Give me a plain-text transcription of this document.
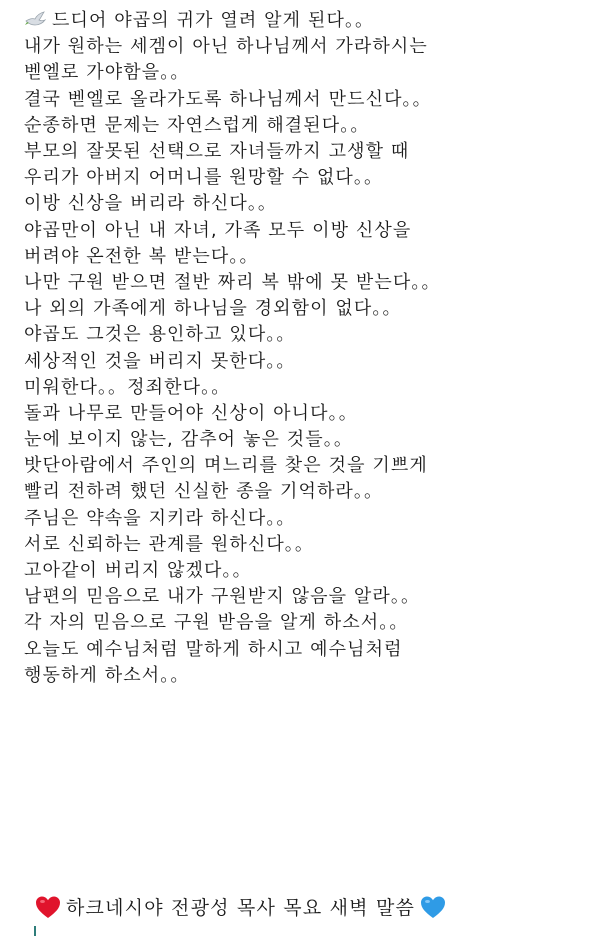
드디어 야곱의 귀가 열려 알게 된다。。
내가 원하는 세겜이 아닌 하나님께서 가라하시는
벧엘로 가야함을。。
결국 벧엘로 올라가도록 하나님께서 만드신다。。
순종하면 문제는 자연스럽게 해결된다。。
부모의 잘못된 선택으로 자녀들까지 고생할 때
우리가 아버지 어머니를 원망할 수 없다。。
이방 신상을 버리라 하신다。。
야곱만이 아닌 내 자녀, 가족 모두 이방 신상을
버려야 온전한 복 받는다。。
나만 구원 받으면 절반 짜리 복 밖에 못 받는다。。
나 외의 가족에게 하나님을 경외함이 없다。。
야곱도 그것은 용인하고 있다。。
세상적인 것을 버리지 못한다。。
미워한다。。정죄한다。。
돌과 나무로 만들어야 신상이 아니다。。
눈에 보이지 않는, 감추어 놓은 것들。。
밧단아람에서 주인의 며느리를 찾은 것을 기쁘게
빨리 전하려 했던 신실한 종을 기억하라。。
주님은 약속을 지키라 하신다。。
서로 신뢰하는 관계를 원하신다。。
고아같이 버리지 않겠다。。
남편의 믿음으로 내가 구원받지 않음을 알라。。
각 자의 믿음으로 구원 받음을 알게 하소서。。
오늘도 예수님처럼 말하게 하시고 예수님처럼
행동하게 하소서。。
하크네시야 전광성 목사 목요 새벽 말씀
